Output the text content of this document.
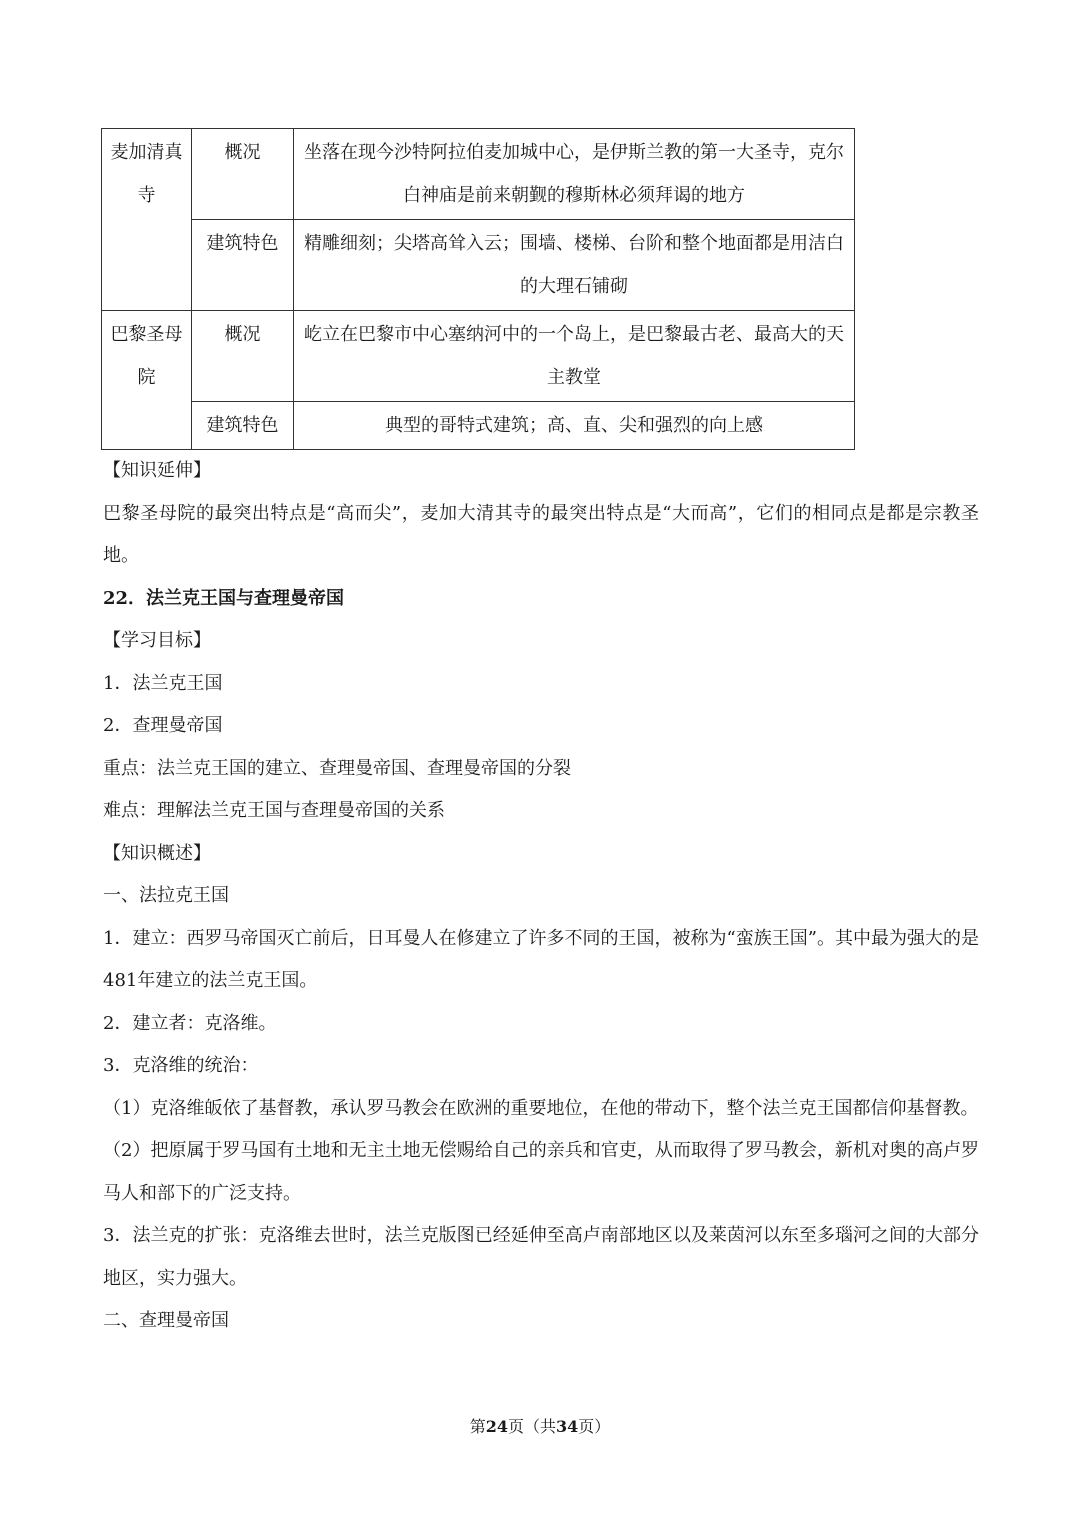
麦加清真寺	概况	坐落在现今沙特阿拉伯麦加城中心，是伊斯兰教的第一大圣寺，克尔白神庙是前来朝觐的穆斯林必须拜谒的地方
	建筑特色	精雕细刻；尖塔高耸入云；围墙、楼梯、台阶和整个地面都是用洁白的大理石铺砌
巴黎圣母院	概况	屹立在巴黎市中心塞纳河中的一个岛上，是巴黎最古老、最高大的天主教堂
	建筑特色	典型的哥特式建筑；高、直、尖和强烈的向上感
【知识延伸】
巴黎圣母院的最突出特点是“高而尖”，麦加大清其寺的最突出特点是“大而高”，它们的相同点是都是宗教圣地。
22．法兰克王国与查理曼帝国
【学习目标】
1．法兰克王国
2．查理曼帝国
重点：法兰克王国的建立、查理曼帝国、查理曼帝国的分裂
难点：理解法兰克王国与查理曼帝国的关系
【知识概述】
一、法拉克王国
1．建立：西罗马帝国灭亡前后，日耳曼人在修建立了许多不同的王国，被称为“蛮族王国”。其中最为强大的是481年建立的法兰克王国。
2．建立者：克洛维。
3．克洛维的统治：
（1）克洛维皈依了基督教，承认罗马教会在欧洲的重要地位，在他的带动下，整个法兰克王国都信仰基督教。
（2）把原属于罗马国有土地和无主土地无偿赐给自己的亲兵和官吏，从而取得了罗马教会，新机对奥的高卢罗马人和部下的广泛支持。
3．法兰克的扩张：克洛维去世时，法兰克版图已经延伸至高卢南部地区以及莱茵河以东至多瑙河之间的大部分地区，实力强大。
二、查理曼帝国
第24页（共34页）
